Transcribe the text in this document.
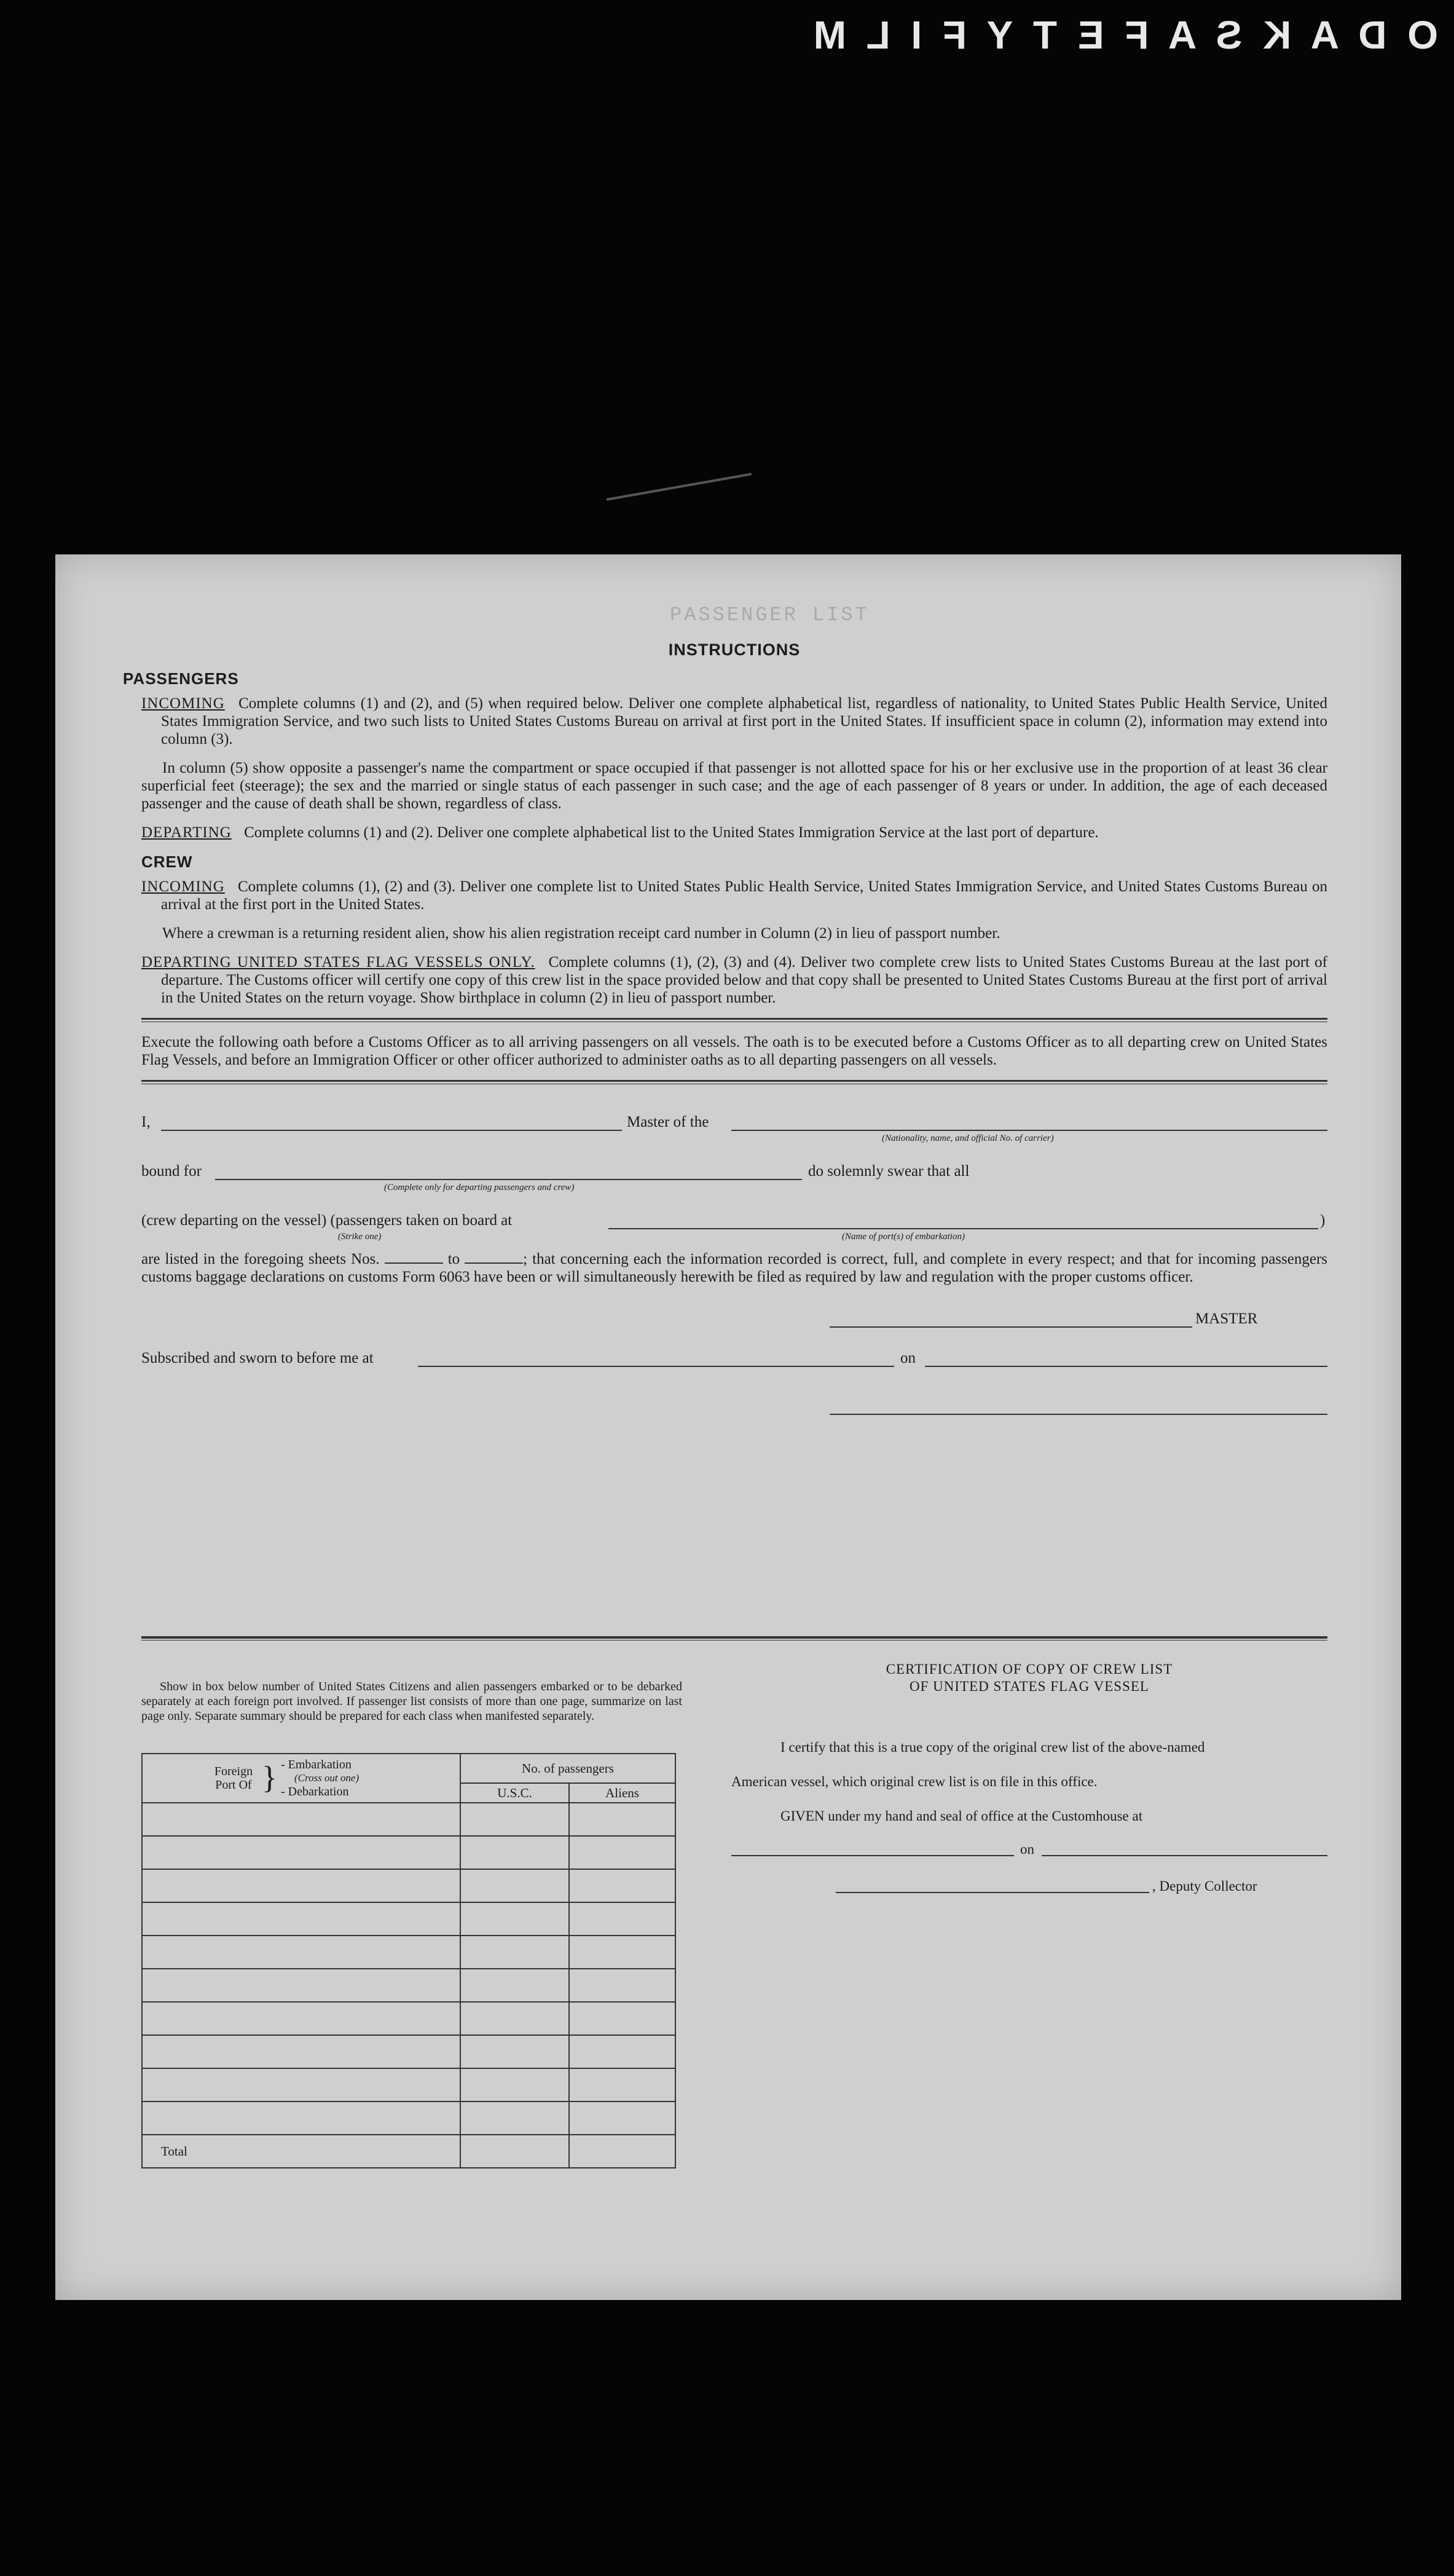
O D A K S A F E T Y F I L M
PASSENGER LIST
INSTRUCTIONS
PASSENGERS

INCOMING Complete columns (1) and (2), and (5) when required below. Deliver one complete alphabetical list, regardless of nationality, to United States Public Health Service, United States Immigration Service, and two such lists to United States Customs Bureau on arrival at first port in the United States. If insufficient space in column (2), information may extend into column (3).

In column (5) show opposite a passenger's name the compartment or space occupied if that passenger is not allotted space for his or her exclusive use in the proportion of at least 36 clear superficial feet (steerage); the sex and the married or single status of each passenger in such case; and the age of each passenger of 8 years or under. In addition, the age of each deceased passenger and the cause of death shall be shown, regardless of class.

DEPARTING Complete columns (1) and (2). Deliver one complete alphabetical list to the United States Immigration Service at the last port of departure.

CREW

INCOMING Complete columns (1), (2) and (3). Deliver one complete list to United States Public Health Service, United States Immigration Service, and United States Customs Bureau on arrival at the first port in the United States.

Where a crewman is a returning resident alien, show his alien registration receipt card number in Column (2) in lieu of passport number.

DEPARTING UNITED STATES FLAG VESSELS ONLY. Complete columns (1), (2), (3) and (4). Deliver two complete crew lists to United States Customs Bureau at the last port of departure. The Customs officer will certify one copy of this crew list in the space provided below and that copy shall be presented to United States Customs Bureau at the first port of arrival in the United States on the return voyage. Show birthplace in column (2) in lieu of passport number.

Execute the following oath before a Customs Officer as to all arriving passengers on all vessels. The oath is to be executed before a Customs Officer as to all departing crew on United States Flag Vessels, and before an Immigration Officer or other officer authorized to administer oaths as to all departing passengers on all vessels.

I,	Master of the
(Nationality, name, and official No. of carrier)
bound for
(Complete only for departing passengers and crew)
do solemnly swear that all
(crew departing on the vessel) (passengers taken on board at
(Strike one)	(Name of port(s) of embarkation)
)

are listed in the foregoing sheets Nos.	to	; that concerning each the information recorded is correct, full, and complete in every respect; and that for incoming passengers customs baggage declarations on customs Form 6063 have been or will simultaneously herewith be filed as required by law and regulation with the proper customs officer.

MASTER
Subscribed and sworn to before me at	on

Show in box below number of United States Citizens and alien passengers embarked or to be debarked separately at each foreign port involved. If passenger list consists of more than one page, summarize on last page only. Separate summary should be prepared for each class when manifested separately.

Foreign Port Of } - Embarkation
(Cross out one)
- Debarkation	No. of passengers	
	U.S.C.	Aliens

Total		
CERTIFICATION OF COPY OF CREW LIST
OF UNITED STATES FLAG VESSEL

I certify that this is a true copy of the original crew list of the above-named

American vessel, which original crew list is on file in this office.

GIVEN under my hand and seal of office at the Customhouse at

on
, Deputy Collector
